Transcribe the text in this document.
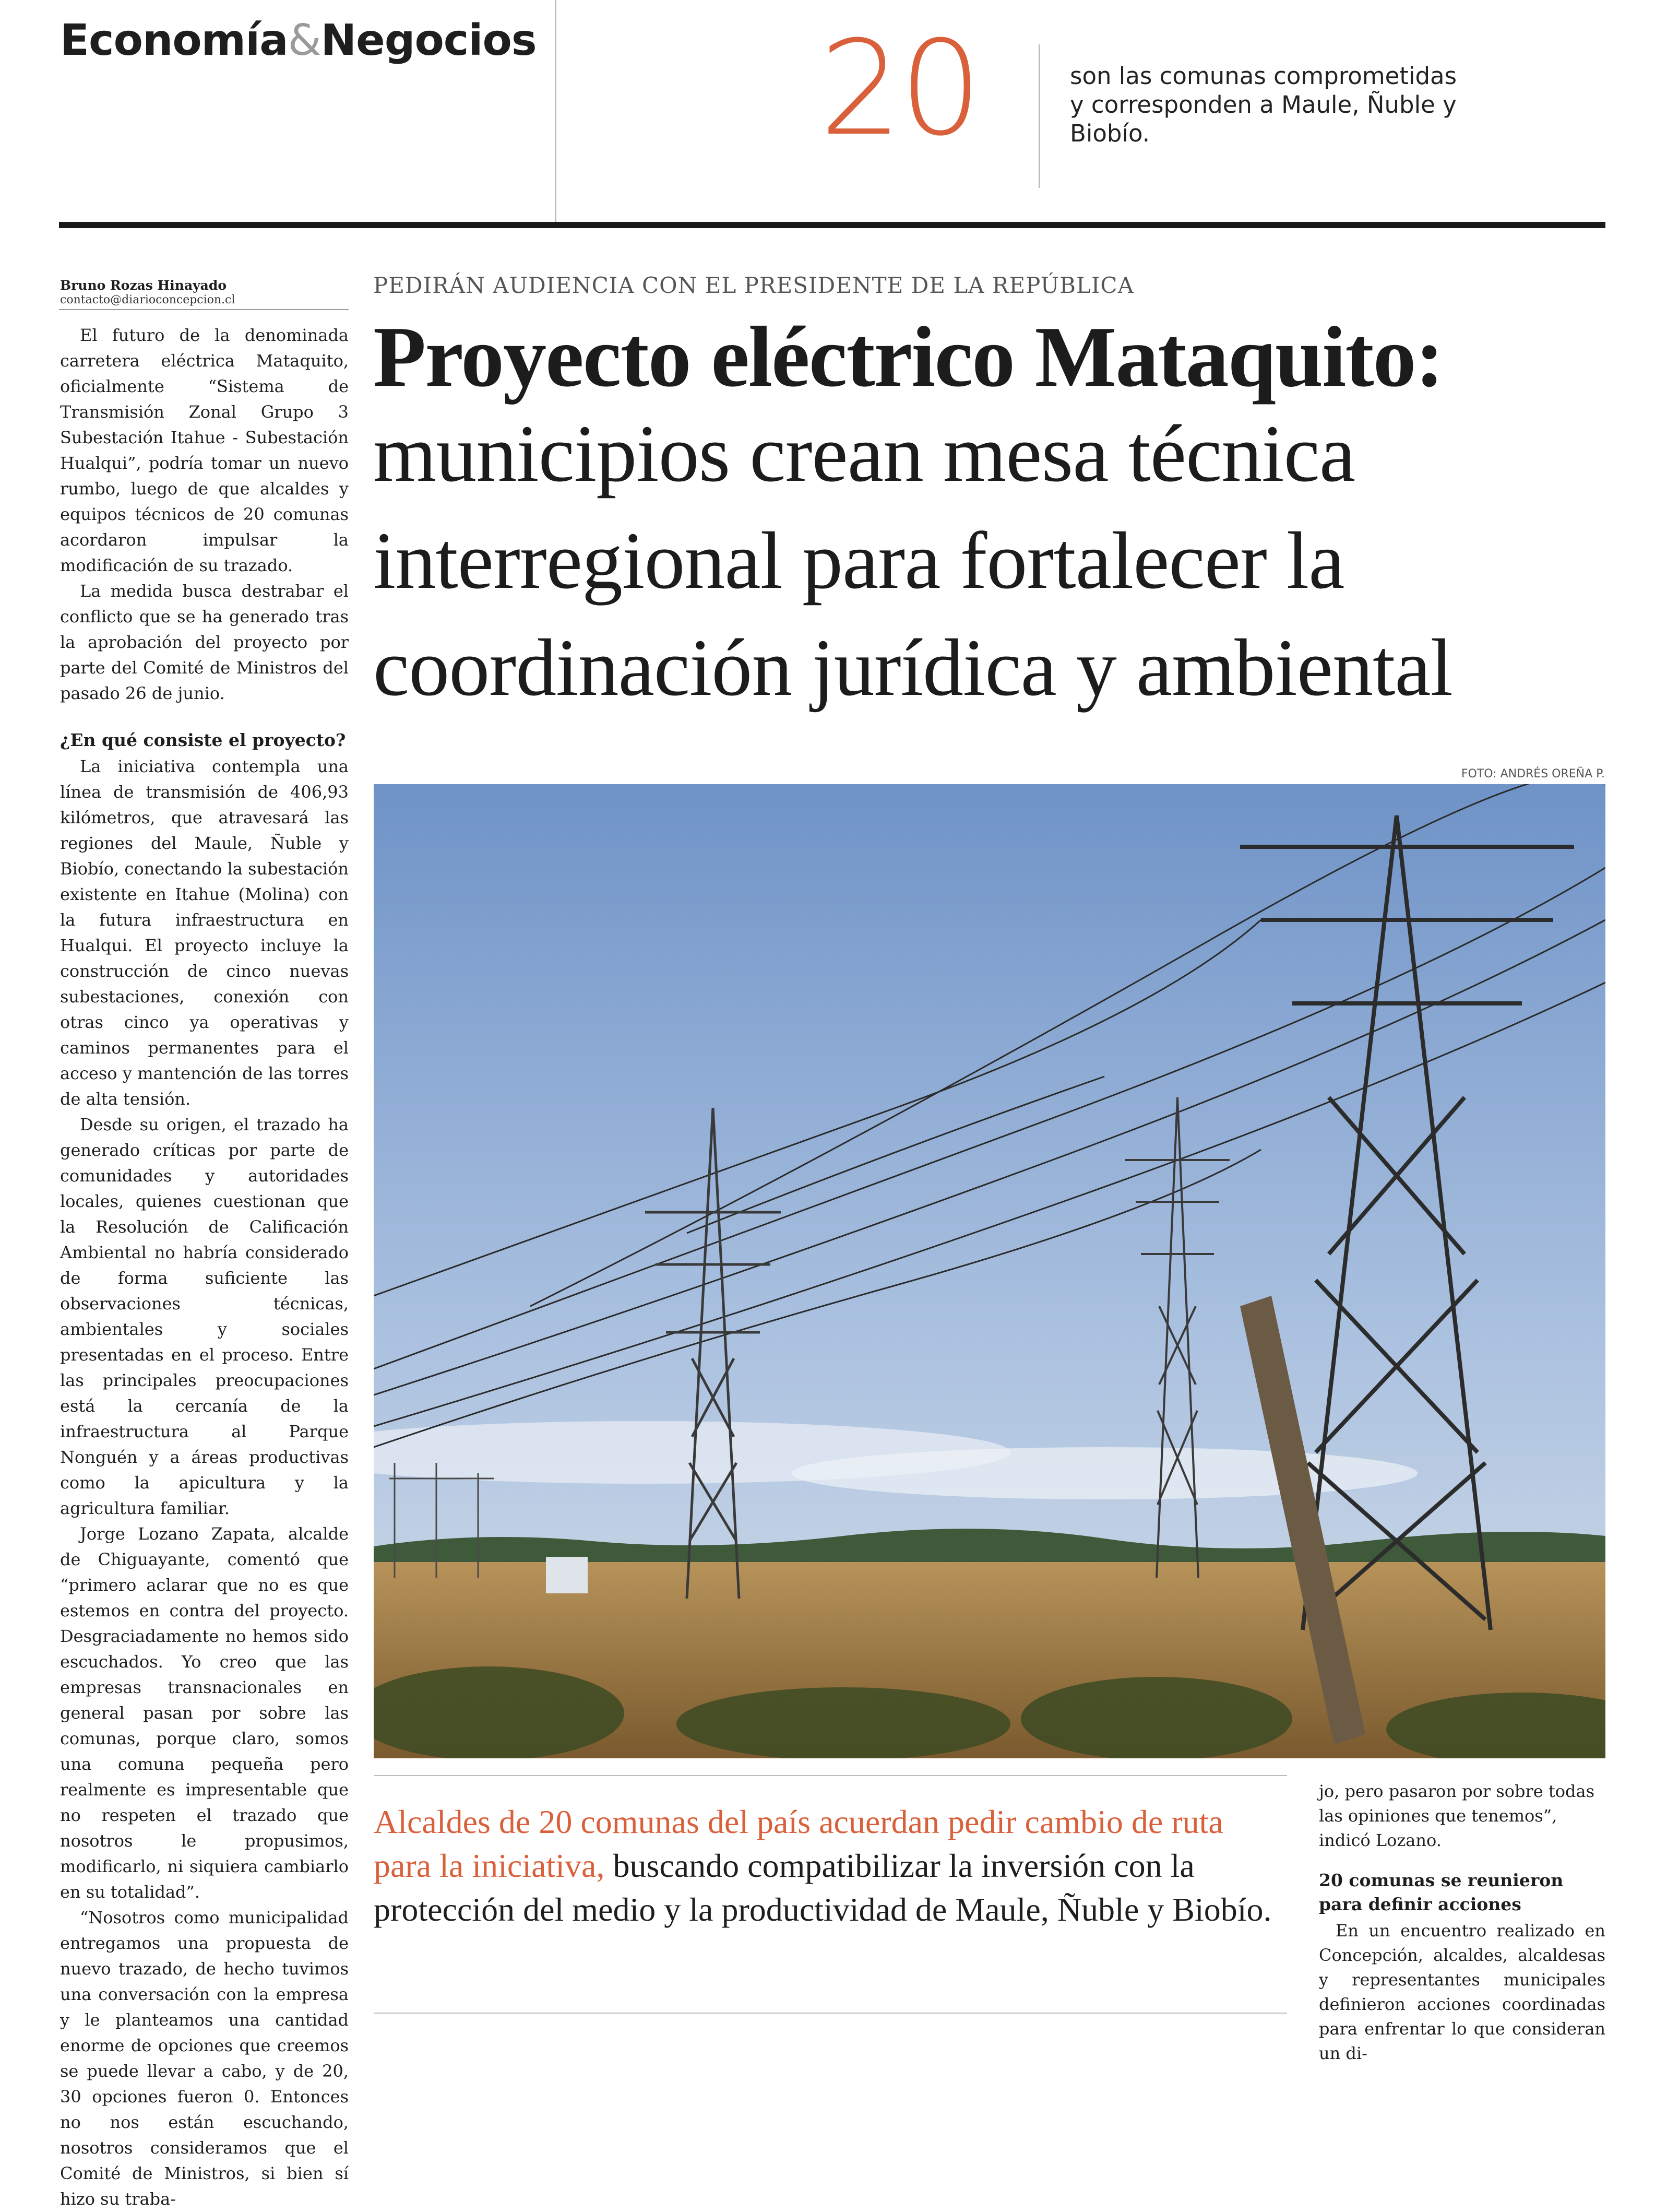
Economía&Negocios 20	son las comunas comprometidas y corresponden a Maule, Ñuble y Biobío.
Bruno Rozas Hinayado
contacto@diarioconcepcion.cl

El futuro de la denominada carretera eléctrica Mataquito, oficialmente “Sistema de Transmisión Zonal Grupo 3 Subestación Itahue - Subestación Hualqui”, podría tomar un nuevo rumbo, luego de que alcaldes y equipos técnicos de 20 comunas acordaron impulsar la modificación de su trazado.

La medida busca destrabar el conflicto que se ha generado tras la aprobación del proyecto por parte del Comité de Ministros del pasado 26 de junio.

¿En qué consiste el proyecto?

La iniciativa contempla una línea de transmisión de 406,93 kilómetros, que atravesará las regiones del Maule, Ñuble y Biobío, conectando la subestación existente en Itahue (Molina) con la futura infraestructura en Hualqui. El proyecto incluye la construcción de cinco nuevas subestaciones, conexión con otras cinco ya operativas y caminos permanentes para el acceso y mantención de las torres de alta tensión.

Desde su origen, el trazado ha generado críticas por parte de comunidades y autoridades locales, quienes cuestionan que la Resolución de Calificación Ambiental no habría considerado de forma suficiente las observaciones técnicas, ambientales y sociales presentadas en el proceso. Entre las principales preocupaciones está la cercanía de la infraestructura al Parque Nonguén y a áreas productivas como la apicultura y la agricultura familiar.

Jorge Lozano Zapata, alcalde de Chiguayante, comentó que “primero aclarar que no es que estemos en contra del proyecto. Desgraciadamente no hemos sido escuchados. Yo creo que las empresas transnacionales en general pasan por sobre las comunas, porque claro, somos una comuna pequeña pero realmente es impresentable que no respeten el trazado que nosotros le propusimos, modificarlo, ni siquiera cambiarlo en su totalidad”.

“Nosotros como municipalidad entregamos una propuesta de nuevo trazado, de hecho tuvimos una conversación con la empresa y le planteamos una cantidad enorme de opciones que creemos se puede llevar a cabo, y de 20, 30 opciones fueron 0. Entonces no nos están escuchando, nosotros consideramos que el Comité de Ministros, si bien sí hizo su traba-

PEDIRÁN AUDIENCIA CON EL PRESIDENTE DE LA REPÚBLICA
Proyecto eléctrico Mataquito:
municipios crean mesa técnica
interregional para fortalecer la
coordinación jurídica y ambiental
FOTO: ANDRÉS OREÑA P.
Alcaldes de 20 comunas del país acuerdan pedir cambio de ruta para la iniciativa, buscando compatibilizar la inversión con la protección del medio y la productividad de Maule, Ñuble y Biobío.

jo, pero pasaron por sobre todas las opiniones que tenemos”, indicó Lozano.

20 comunas se reunieron para definir acciones

En un encuentro realizado en Concepción, alcaldes, alcaldesas y representantes municipales definieron acciones coordinadas para enfrentar lo que consideran un di-
